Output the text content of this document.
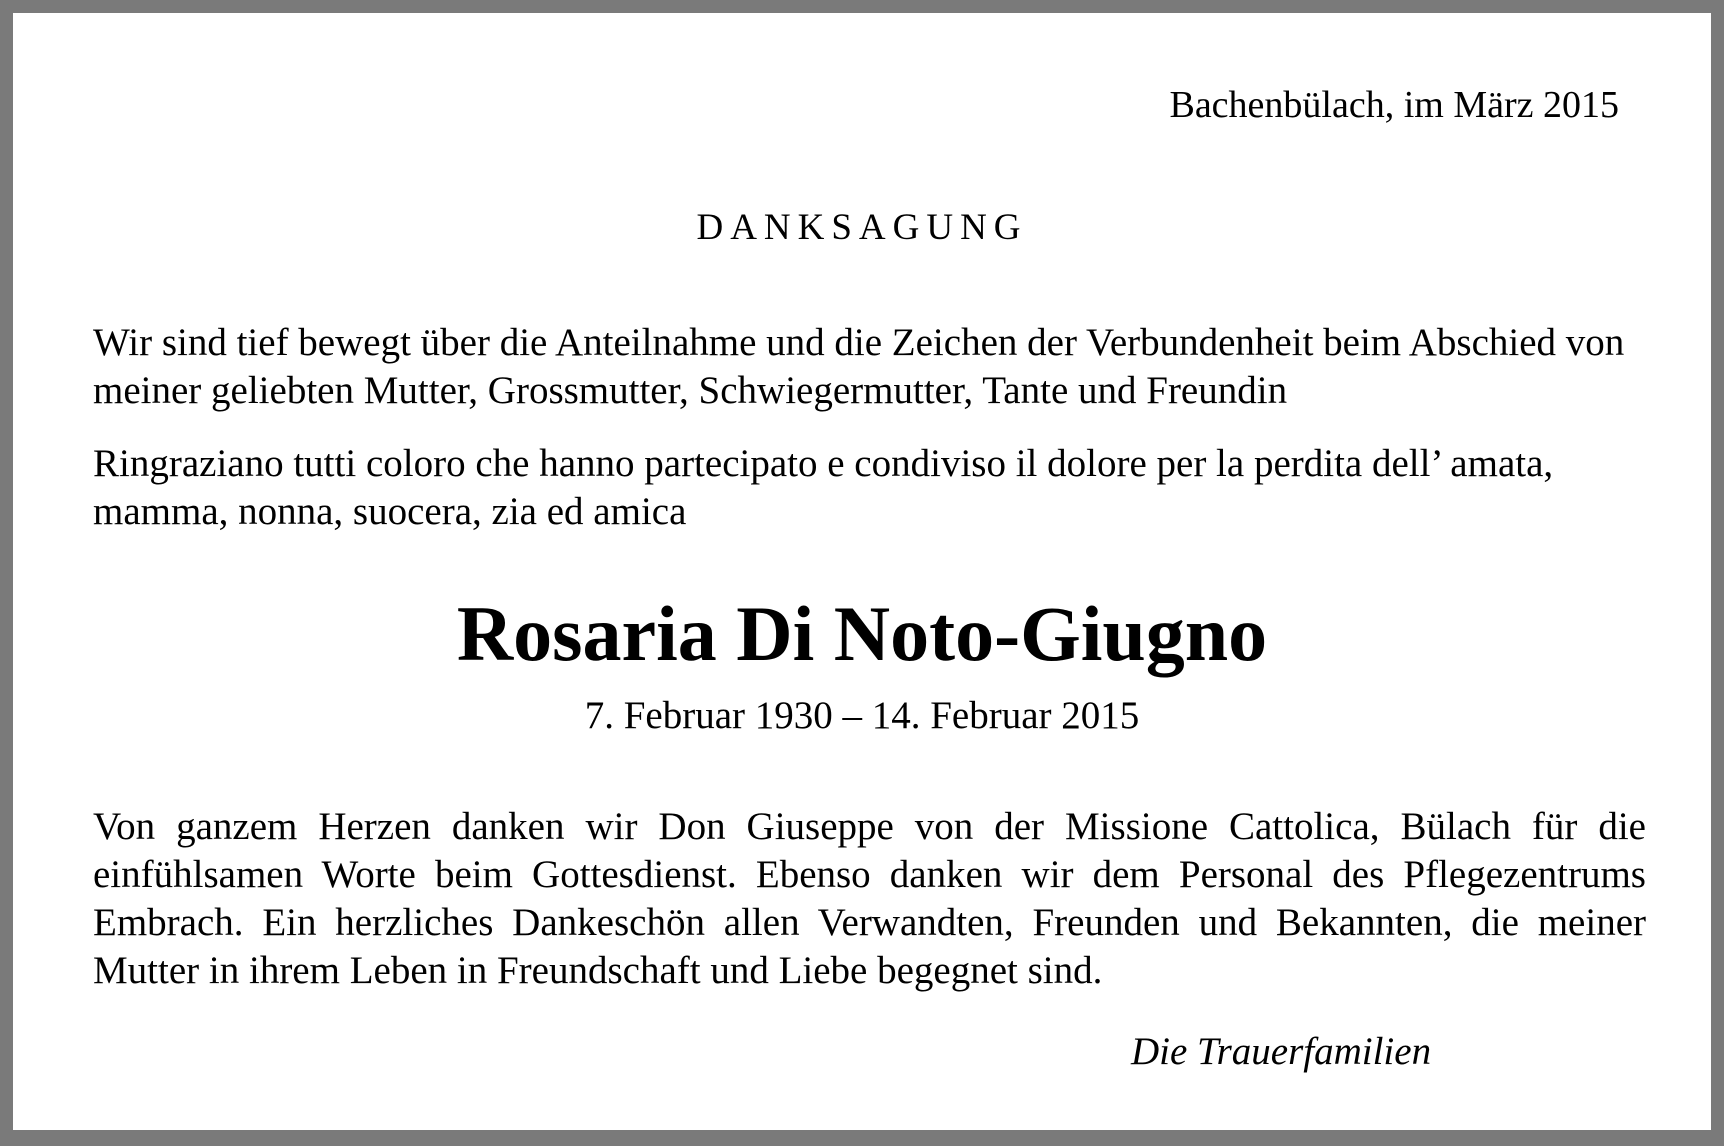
Bachenbülach, im März 2015
DANKSAGUNG
Wir sind tief bewegt über die Anteilnahme und die Zeichen der Verbundenheit beim Abschied von meiner geliebten Mutter, Grossmutter, Schwiegermutter, Tante und Freundin
Ringraziano tutti coloro che hanno partecipato e condiviso il dolore per la perdita dell’ amata, mamma, nonna, suocera, zia ed amica
Rosaria Di Noto-Giugno
7. Februar 1930 – 14. Februar 2015
Von ganzem Herzen danken wir Don Giuseppe von der Missione Cattolica, Bülach für die einfühlsamen Worte beim Gottesdienst. Ebenso danken wir dem Personal des Pflegezentrums Embrach. Ein herzliches Dankeschön allen Verwandten, Freunden und Bekannten, die meiner Mutter in ihrem Leben in Freundschaft und Liebe begegnet sind.
Die Trauerfamilien
